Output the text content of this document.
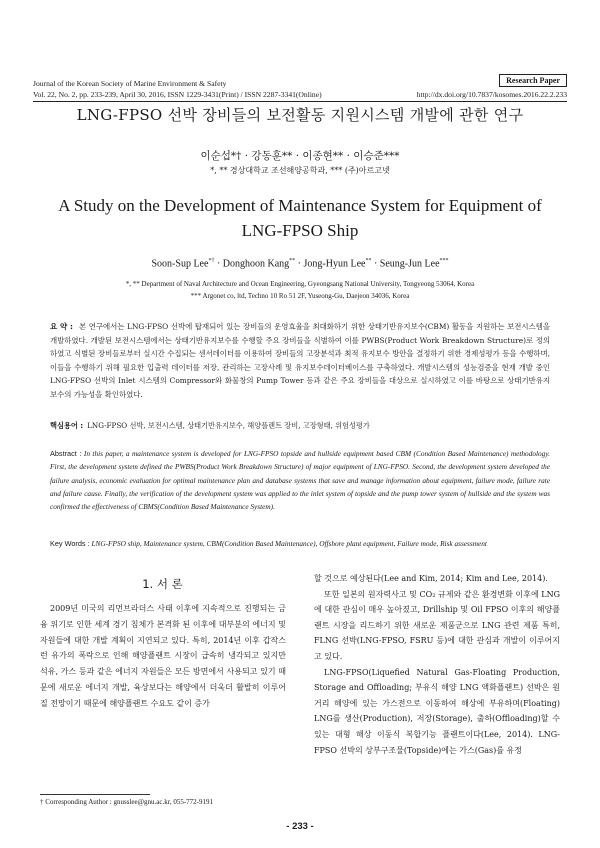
Journal of the Korean Society of Marine Environment & Safety
Vol. 22, No. 2, pp. 233-239, April 30, 2016, ISSN 1229-3431(Print) / ISSN 2287-3341(Online)
Research Paper
http://dx.doi.org/10.7837/kosomes.2016.22.2.233
LNG-FPSO 선박 장비들의 보전활동 지원시스템 개발에 관한 연구
이순섭*† · 강동훈** · 이종현** · 이승준***
*, ** 경상대학교 조선해양공학과, *** (주)아르고넷
A Study on the Development of Maintenance System for Equipment of LNG-FPSO Ship
Soon-Sup Lee*† · Donghoon Kang** · Jong-Hyun Lee** · Seung-Jun Lee***
*, ** Department of Naval Architecture and Ocean Engineering, Gyeongsang National University, Tongyeong 53064, Korea
*** Argonet co, ltd, Techno 10 Ro 51 2F, Yuseong-Gu, Daejeon 34036, Korea
요 약 : 본 연구에서는 LNG-FPSO 선박에 탑재되어 있는 장비들의 운영효율을 최대화하기 위한 상태기반유지보수(CBM) 활동을 지원하는 보전시스템을 개발하였다. 개발된 보전시스템에서는 상태기반유지보수를 수행할 주요 장비들을 식별하여 이를 PWBS(Product Work Breakdown Structure)로 정의하였고 식별된 장비들로부터 실시간 수집되는 센서데이터를 이용하여 장비들의 고장분석과 최적 유지보수 방안을 결정하기 위한 경제성평가 등을 수행하며, 이들을 수행하기 위해 필요한 입출력 데이터를 저장, 관리하는 고장사례 및 유지보수데이터베이스를 구축하였다. 개발시스템의 성능검증을 현재 개발 중인 LNG-FPSO 선박의 Inlet 시스템의 Compressor와 화물창의 Pump Tower 등과 같은 주요 장비들을 대상으로 실시하였고 이를 바탕으로 상태기반유지보수의 가능성을 확인하였다.
핵심용어 : LNG-FPSO 선박, 보전시스템, 상태기반유지보수, 해양플랜트 장비, 고장형태, 위험성평가
Abstract : In this paper, a maintenance system is developed for LNG-FPSO topside and hullside equipment based CBM (Condition Based Maintenance) methodology. First, the development system defined the PWBS(Product Work Breakdown Structure) of major equipment of LNG-FPSO. Second, the development system developed the failure analysis, economic evaluation for optimal maintenance plan and database systems that save and manage information about equipment, failure mode, failure rate and failure cause. Finally, the verification of the development system was applied to the inlet system of topside and the pump tower system of hullside and the system was confirmed the effectiveness of CBMS(Condition Based Maintenance System).
Key Words : LNG-FPSO ship, Maintenance system, CBM(Condition Based Maintenance), Offshore plant equipment, Failure mode, Risk assessment
1. 서 론

2009년 미국의 리먼브라더스 사태 이후에 지속적으로 진행되는 금융 위기로 인한 세계 경기 침체가 본격화 된 이후에 대부분의 에너지 및 자원들에 대한 개발 계획이 지연되고 있다. 특히, 2014년 이후 갑작스런 유가의 폭락으로 인해 해양플랜트 시장이 급속히 냉각되고 있지만 석유, 가스 등과 같은 에너지 자원들은 모든 방면에서 사용되고 있기 때문에 새로운 에너지 개발, 육상보다는 해양에서 더욱더 활발히 이루어질 전망이기 때문에 해양플랜트 수요도 같이 증가

할 것으로 예상된다(Lee and Kim, 2014; Kim and Lee, 2014).

또한 일본의 원자력사고 및 CO₂ 규제와 같은 환경변화 이후에 LNG에 대한 관심이 매우 높아졌고, Drillship 및 Oil FPSO 이후의 해양플랜트 시장을 리드하기 위한 새로운 제품군으로 LNG 관련 제품 특히, FLNG 선박(LNG-FPSO, FSRU 등)에 대한 관심과 개발이 이루어지고 있다.

LNG-FPSO(Liquefied Natural Gas-Floating Production, Storage and Offloading; 부유식 해양 LNG 액화플랜트) 선박은 원거리 해양에 있는 가스전으로 이동하여 해상에 부유하며(Floating) LNG를 생산(Production), 저장(Storage), 출하(Offloading)할 수 있는 대형 해상 이동식 복합기능 플랜트이다(Lee, 2014). LNG-FPSO 선박의 상부구조물(Topside)에는 가스(Gas)를 유정

† Corresponding Author : gnusslee@gnu.ac.kr, 055-772-9191
- 233 -
